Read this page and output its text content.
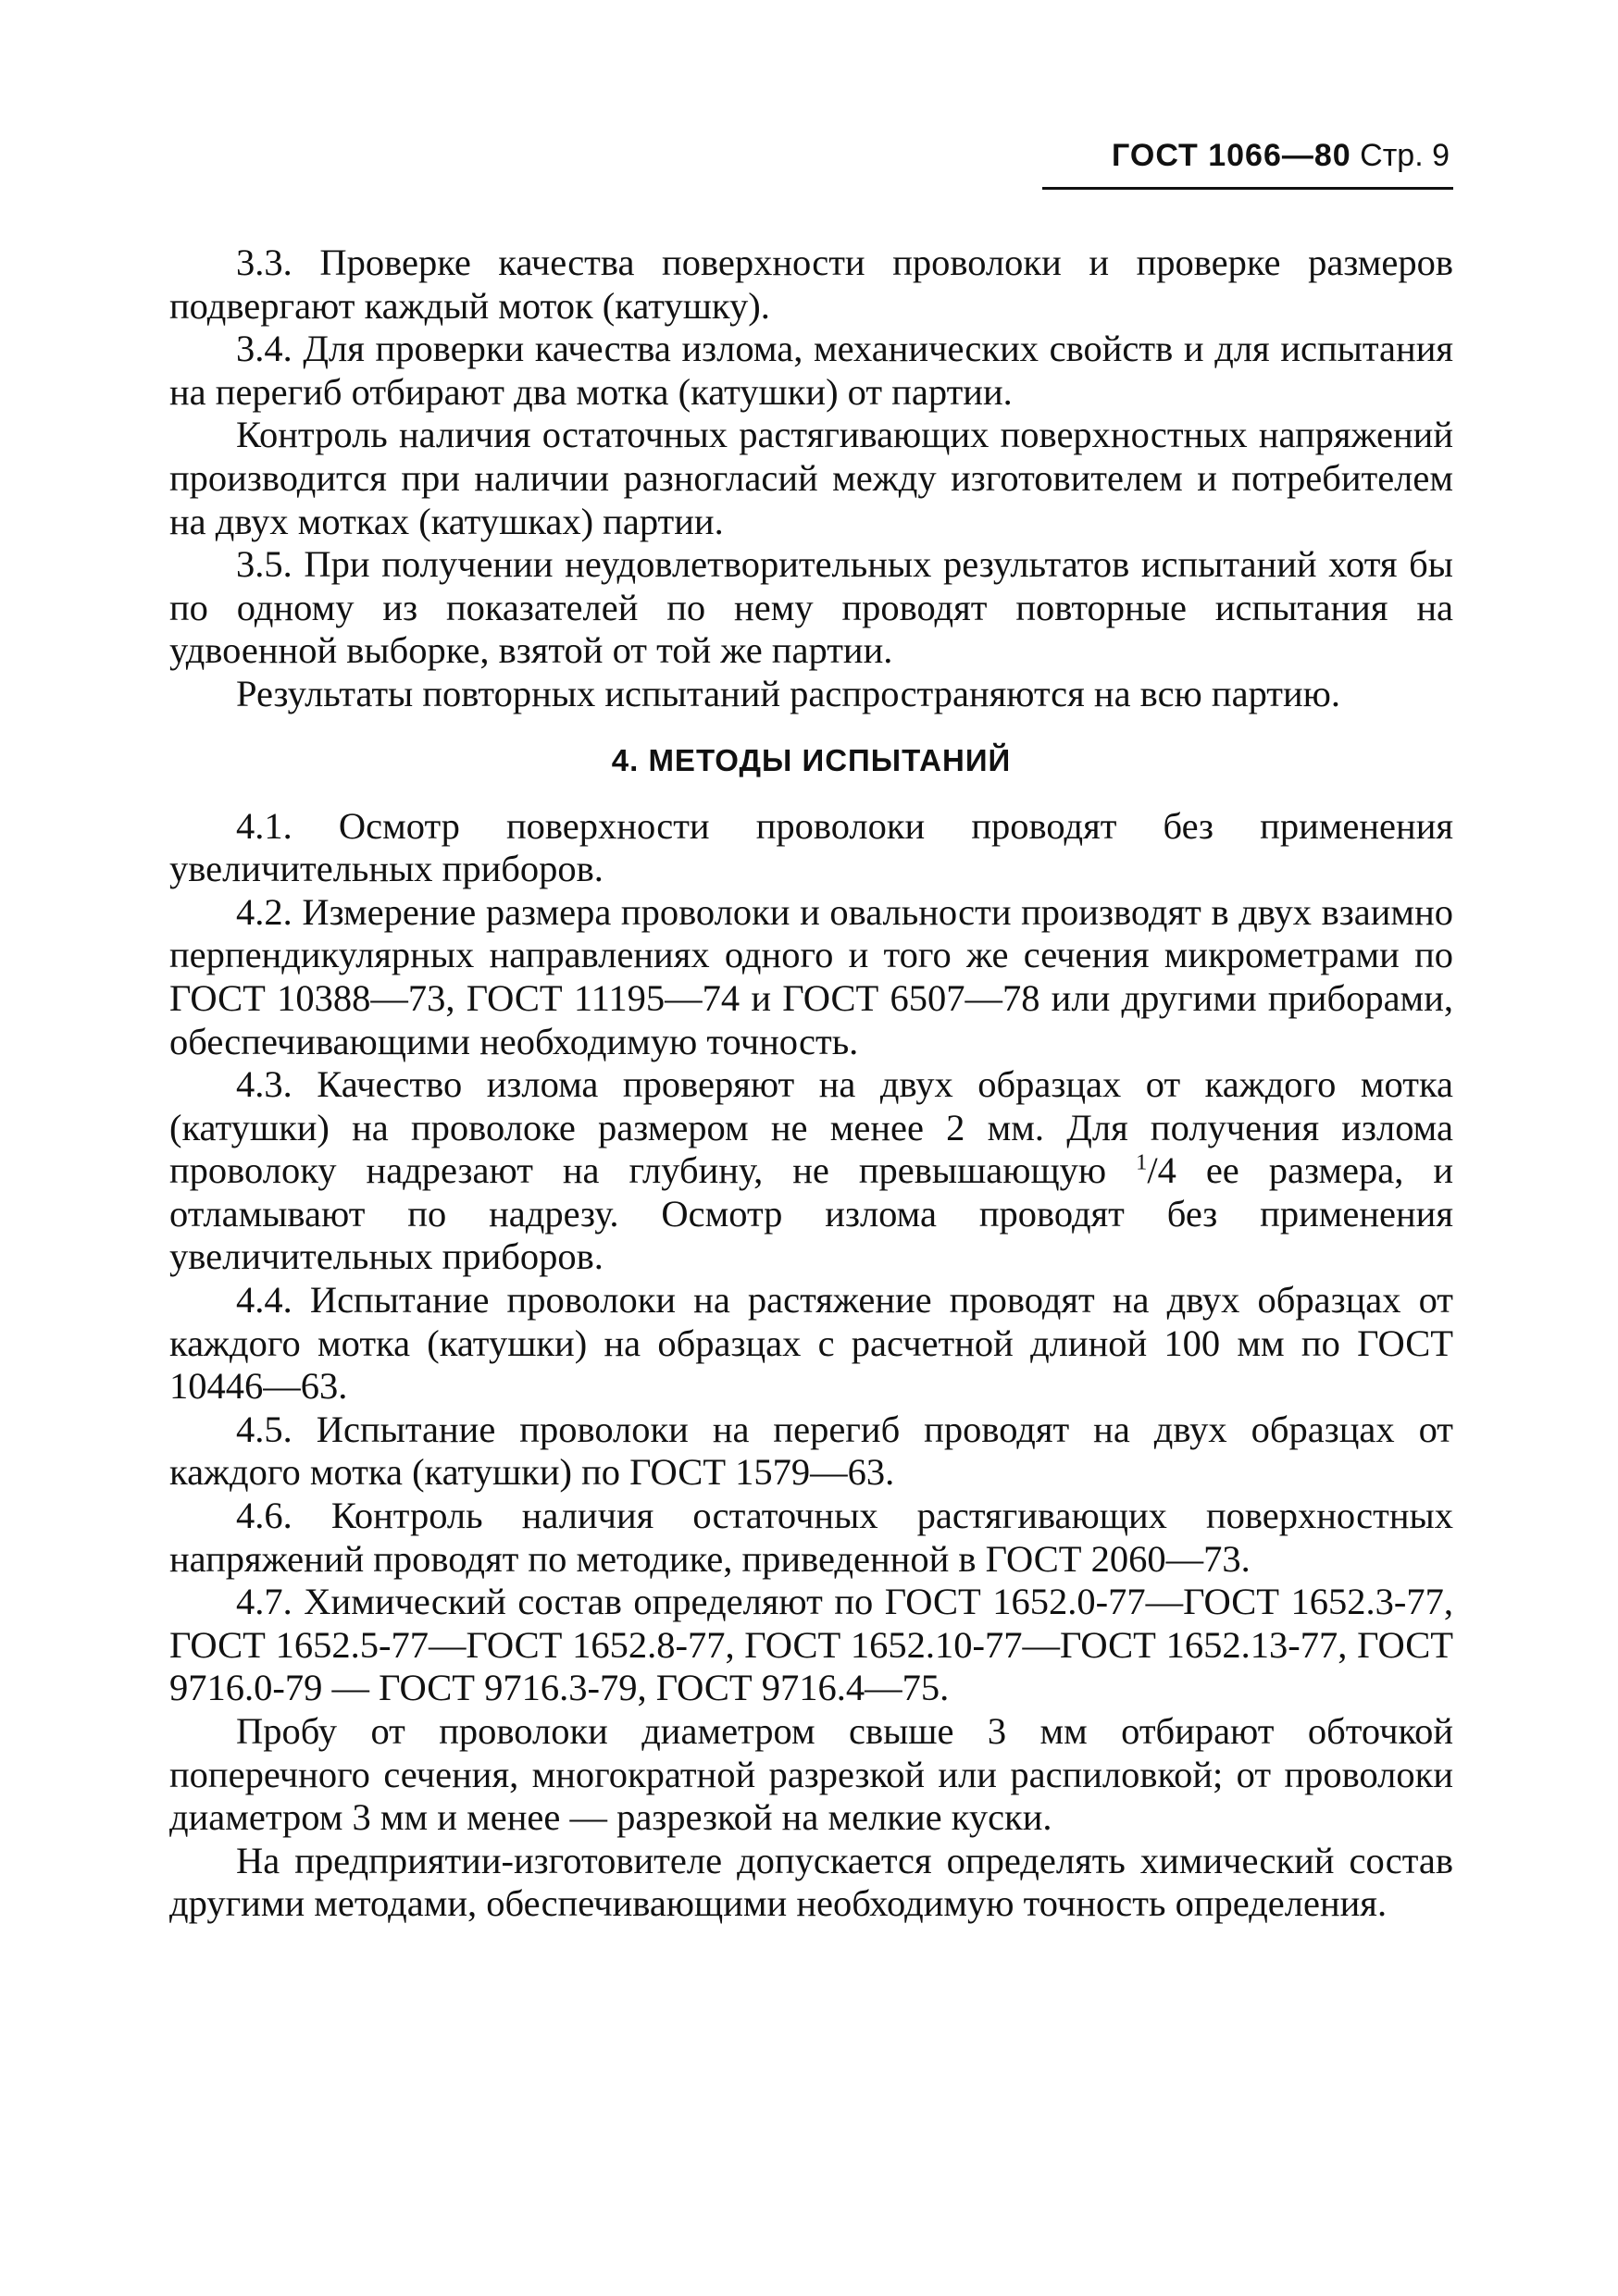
ГОСТ 1066—80 Стр. 9

3.3. Проверке качества поверхности проволоки и проверке размеров подвергают каждый моток (катушку).

3.4. Для проверки качества излома, механических свойств и для испытания на перегиб отбирают два мотка (катушки) от партии.

Контроль наличия остаточных растягивающих поверхностных напряжений производится при наличии разногласий между изготовителем и потребителем на двух мотках (катушках) партии.

3.5. При получении неудовлетворительных результатов испытаний хотя бы по одному из показателей по нему проводят повторные испытания на удвоенной выборке, взятой от той же партии.

Результаты повторных испытаний распространяются на всю партию.

4. МЕТОДЫ ИСПЫТАНИЙ

4.1. Осмотр поверхности проволоки проводят без применения увеличительных приборов.

4.2. Измерение размера проволоки и овальности производят в двух взаимно перпендикулярных направлениях одного и того же сечения микрометрами по ГОСТ 10388—73, ГОСТ 11195—74 и ГОСТ 6507—78 или другими приборами, обеспечивающими необходимую точность.

4.3. Качество излома проверяют на двух образцах от каждого мотка (катушки) на проволоке размером не менее 2 мм. Для получения излома проволоку надрезают на глубину, не превышающую $^1$/4 ее размера, и отламывают по надрезу. Осмотр излома проводят без применения увеличительных приборов.

4.4. Испытание проволоки на растяжение проводят на двух образцах от каждого мотка (катушки) на образцах с расчетной длиной 100 мм по ГОСТ 10446—63.

4.5. Испытание проволоки на перегиб проводят на двух образцах от каждого мотка (катушки) по ГОСТ 1579—63.

4.6. Контроль наличия остаточных растягивающих поверхностных напряжений проводят по методике, приведенной в ГОСТ 2060—73.

4.7. Химический состав определяют по ГОСТ 1652.0-77—ГОСТ 1652.3-77, ГОСТ 1652.5-77—ГОСТ 1652.8-77, ГОСТ 1652.10-77—ГОСТ 1652.13-77, ГОСТ 9716.0-79 — ГОСТ 9716.3-79, ГОСТ 9716.4—75.

Пробу от проволоки диаметром свыше 3 мм отбирают обточкой поперечного сечения, многократной разрезкой или распиловкой; от проволоки диаметром 3 мм и менее — разрезкой на мелкие куски.

На предприятии-изготовителе допускается определять химический состав другими методами, обеспечивающими необходимую точность определения.
